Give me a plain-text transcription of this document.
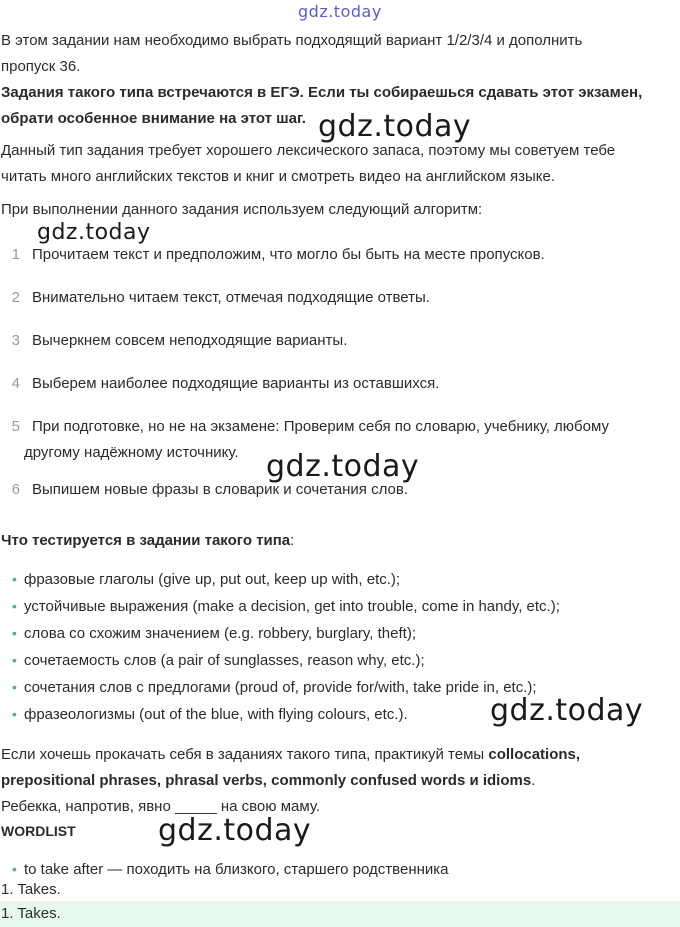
gdz.today
В этом задании нам необходимо выбрать подходящий вариант 1/2/3/4 и дополнить
пропуск 36.
Задания такого типа встречаются в ЕГЭ. Если ты собираешься сдавать этот экзамен,
обрати особенное внимание на этот шаг. gdz.today
Данный тип задания требует хорошего лексического запаса, поэтому мы советуем тебе
читать много английских текстов и книг и смотреть видео на английском языке.
При выполнении данного задания используем следующий алгоритм:
gdz.today
1 Прочитаем текст и предположим, что могло бы быть на месте пропусков.
2 Внимательно читаем текст, отмечая подходящие ответы.
3 Вычеркнем совсем неподходящие варианты.
4 Выберем наиболее подходящие варианты из оставшихся.
5 При подготовке, но не на экзамене: Проверим себя по словарю, учебнику, любому
другому надёжному источнику. gdz.today
6 Выпишем новые фразы в словарик и сочетания слов.
Что тестируется в задании такого типа:
• фразовые глаголы (give up, put out, keep up with, etc.);
• устойчивые выражения (make a decision, get into trouble, come in handy, etc.);
• слова со схожим значением (e.g. robbery, burglary, theft);
• сочетаемость слов (a pair of sunglasses, reason why, etc.);
• сочетания слов с предлогами (proud of, provide for/with, take pride in, etc.);
• фразеологизмы (out of the blue, with flying colours, etc.).	gdz.today
Если хочешь прокачать себя в заданиях такого типа, практикуй темы collocations,
prepositional phrases, phrasal verbs, commonly confused words и idioms.
Ребекка, напротив, явно _____ на свою маму.
WORDLIST	gdz.today
• to take after — походить на близкого, старшего родственника
1. Takes.
1. Takes.
